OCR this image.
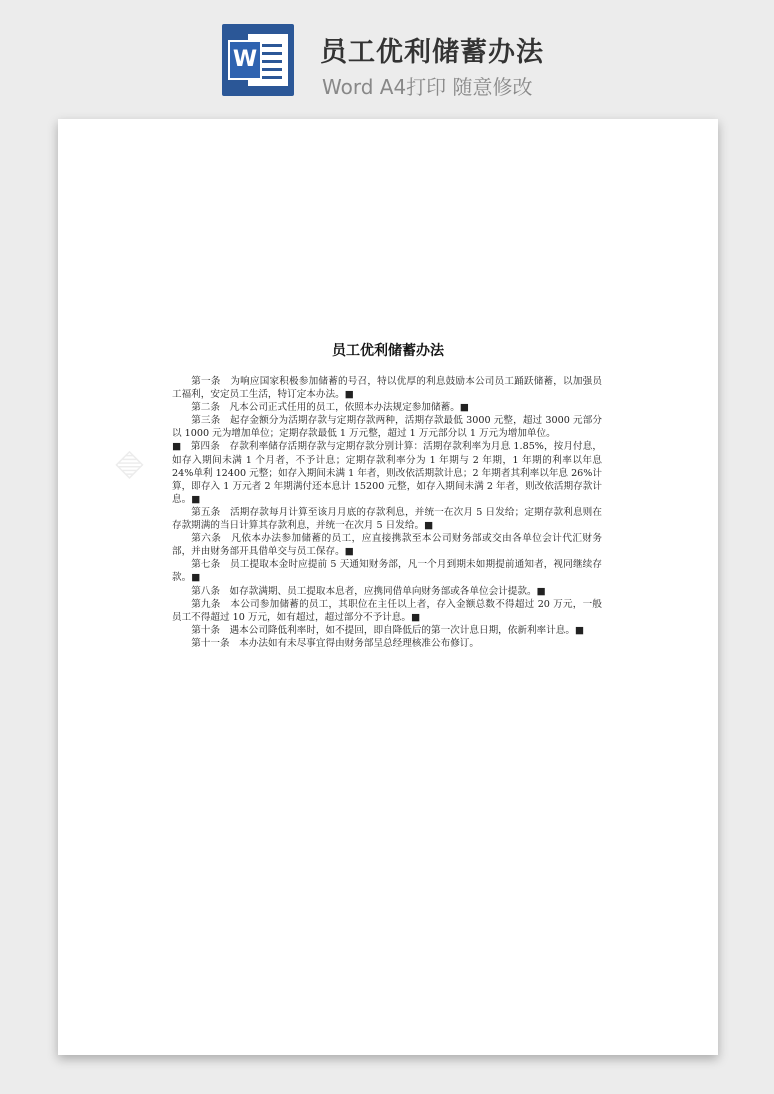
W 员工优利储蓄办法
Word A4打印 随意修改
▨
员工优利储蓄办法

第一条　为响应国家积极参加储蓄的号召，特以优厚的利息鼓励本公司员工踊跃储蓄，以加强员工福利，安定员工生活，特订定本办法。■

第二条　凡本公司正式任用的员工，依照本办法规定参加储蓄。■

第三条　起存金额分为活期存款与定期存款两种，活期存款最低 3000 元整，超过 3000 元部分以 1000 元为增加单位；定期存款最低 1 万元整，超过 1 万元部分以 1 万元为增加单位。

■　第四条　存款利率储存活期存款与定期存款分别计算：活期存款利率为月息 1.85%，按月付息，如存入期间未满 1 个月者，不予计息；定期存款利率分为 1 年期与 2 年期，1 年期的利率以年息 24%单利 12400 元整；如存入期间未满 1 年者，则改依活期款计息；2 年期者其利率以年息 26%计算，即存入 1 万元者 2 年期满付还本息计 15200 元整，如存入期间未满 2 年者，则改依活期存款计息。■

第五条　活期存款每月计算至该月月底的存款利息，并统一在次月 5 日发给；定期存款利息则在存款期满的当日计算其存款利息，并统一在次月 5 日发给。■

第六条　凡依本办法参加储蓄的员工，应直接携款至本公司财务部或交由各单位会计代汇财务部，并由财务部开具借单交与员工保存。■

第七条　员工提取本金时应提前 5 天通知财务部，凡一个月到期未如期提前通知者，视同继续存款。■

第八条　如存款满期、员工提取本息者，应携同借单向财务部或各单位会计提款。■

第九条　本公司参加储蓄的员工，其职位在主任以上者，存入金额总数不得超过 20 万元，一般员工不得超过 10 万元，如有超过，超过部分不予计息。■

第十条　遇本公司降低利率时，如不提回，即自降低后的第一次计息日期，依新利率计息。■

第十一条　本办法如有未尽事宜得由财务部呈总经理核准公布修订。
